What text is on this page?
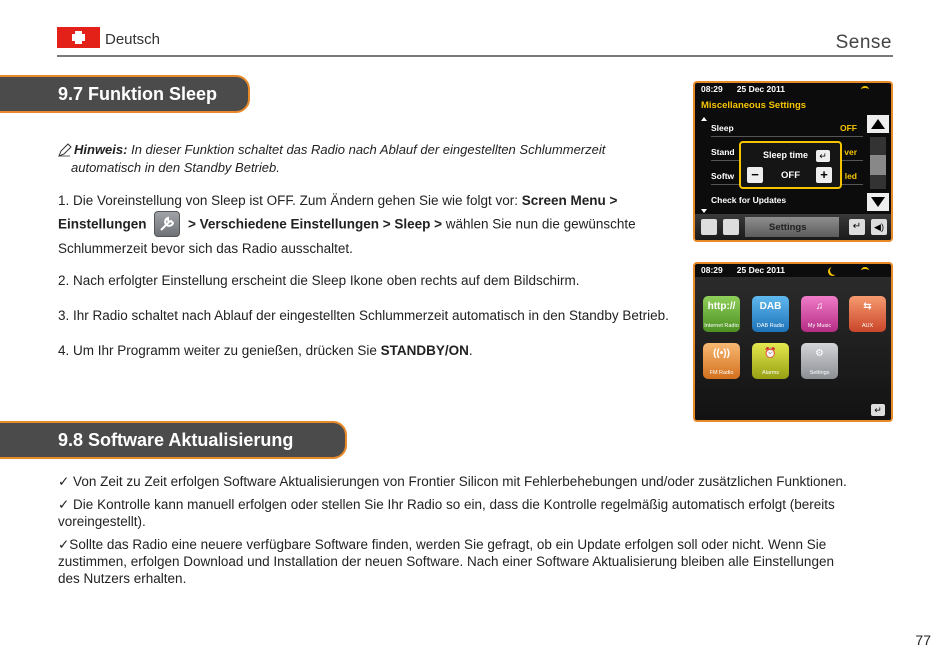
Deutsch	Sense
9.7 Funktion Sleep
Hinweis: In dieser Funktion schaltet das Radio nach Ablauf der eingestellten Schlummerzeit
automatisch in den Standby Betrieb.
1. Die Voreinstellung von Sleep ist OFF. Zum Ändern gehen Sie wie folgt vor: Screen Menu >
Einstellungen	> Verschiedene Einstellungen > Sleep > wählen Sie nun die gewünschte
Schlummerzeit bevor sich das Radio ausschaltet.
2. Nach erfolgter Einstellung erscheint die Sleep Ikone oben rechts auf dem Bildschirm.
3. Ihr Radio schaltet nach Ablauf der eingestellten Schlummerzeit automatisch in den Standby Betrieb.
4. Um Ihr Programm weiter zu genießen, drücken Sie STANDBY/ON.
08:29 25 Dec 2011
Miscellaneous Settings
Sleep	OFF
Stand	ver
Softw	led
Check for Updates
Sleep time	↵
−	OFF	+
Settings	↵	◀)
08:29 25 Dec 2011
http://
Internet Radio
DAB
DAB Radio
♫
My Music
⇆
AUX
((•))
FM Radio
⏰
Alarms
⚙
Settings
↵
9.8 Software Aktualisierung
✓ Von Zeit zu Zeit erfolgen Software Aktualisierungen von Frontier Silicon mit Fehlerbehebungen und/oder zusätzlichen Funktionen.
✓ Die Kontrolle kann manuell erfolgen oder stellen Sie Ihr Radio so ein, dass die Kontrolle regelmäßig automatisch erfolgt (bereits voreingestellt).
✓Sollte das Radio eine neuere verfügbare Software finden, werden Sie gefragt, ob ein Update erfolgen soll oder nicht. Wenn Sie zustimmen, erfolgen Download und Installation der neuen Software. Nach einer Software Aktualisierung bleiben alle Einstellungen des Nutzers erhalten.
77
